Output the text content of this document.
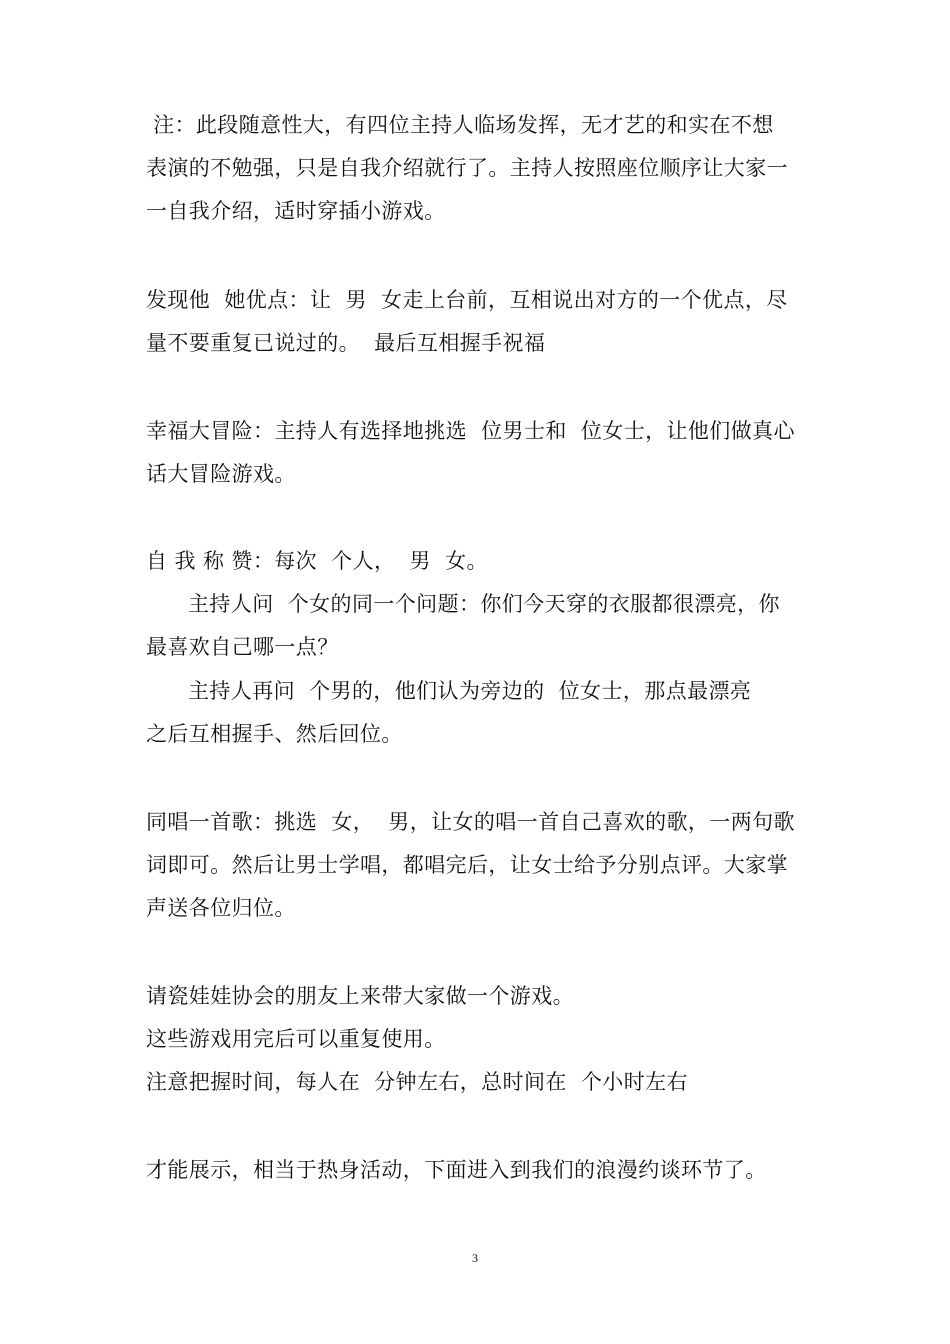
注：此段随意性大，有四位主持人临场发挥，无才艺的和实在不想
表演的不勉强，只是自我介绍就行了。主持人按照座位顺序让大家一
一自我介绍，适时穿插小游戏。
发现他  她优点：让  男  女走上台前，互相说出对方的一个优点，尽
量不要重复已说过的。  最后互相握手祝福
幸福大冒险：主持人有选择地挑选  位男士和  位女士，让他们做真心
话大冒险游戏。
自 我 称 赞：每次  个人，  男  女。
主持人问  个女的同一个问题：你们今天穿的衣服都很漂亮，你
最喜欢自己哪一点？
主持人再问  个男的，他们认为旁边的  位女士，那点最漂亮
之后互相握手、然后回位。
同唱一首歌：挑选  女，  男，让女的唱一首自己喜欢的歌，一两句歌
词即可。然后让男士学唱，都唱完后，让女士给予分别点评。大家掌
声送各位归位。
请瓷娃娃协会的朋友上来带大家做一个游戏。
这些游戏用完后可以重复使用。
注意把握时间，每人在  分钟左右，总时间在  个小时左右
才能展示，相当于热身活动，下面进入到我们的浪漫约谈环节了。
3
